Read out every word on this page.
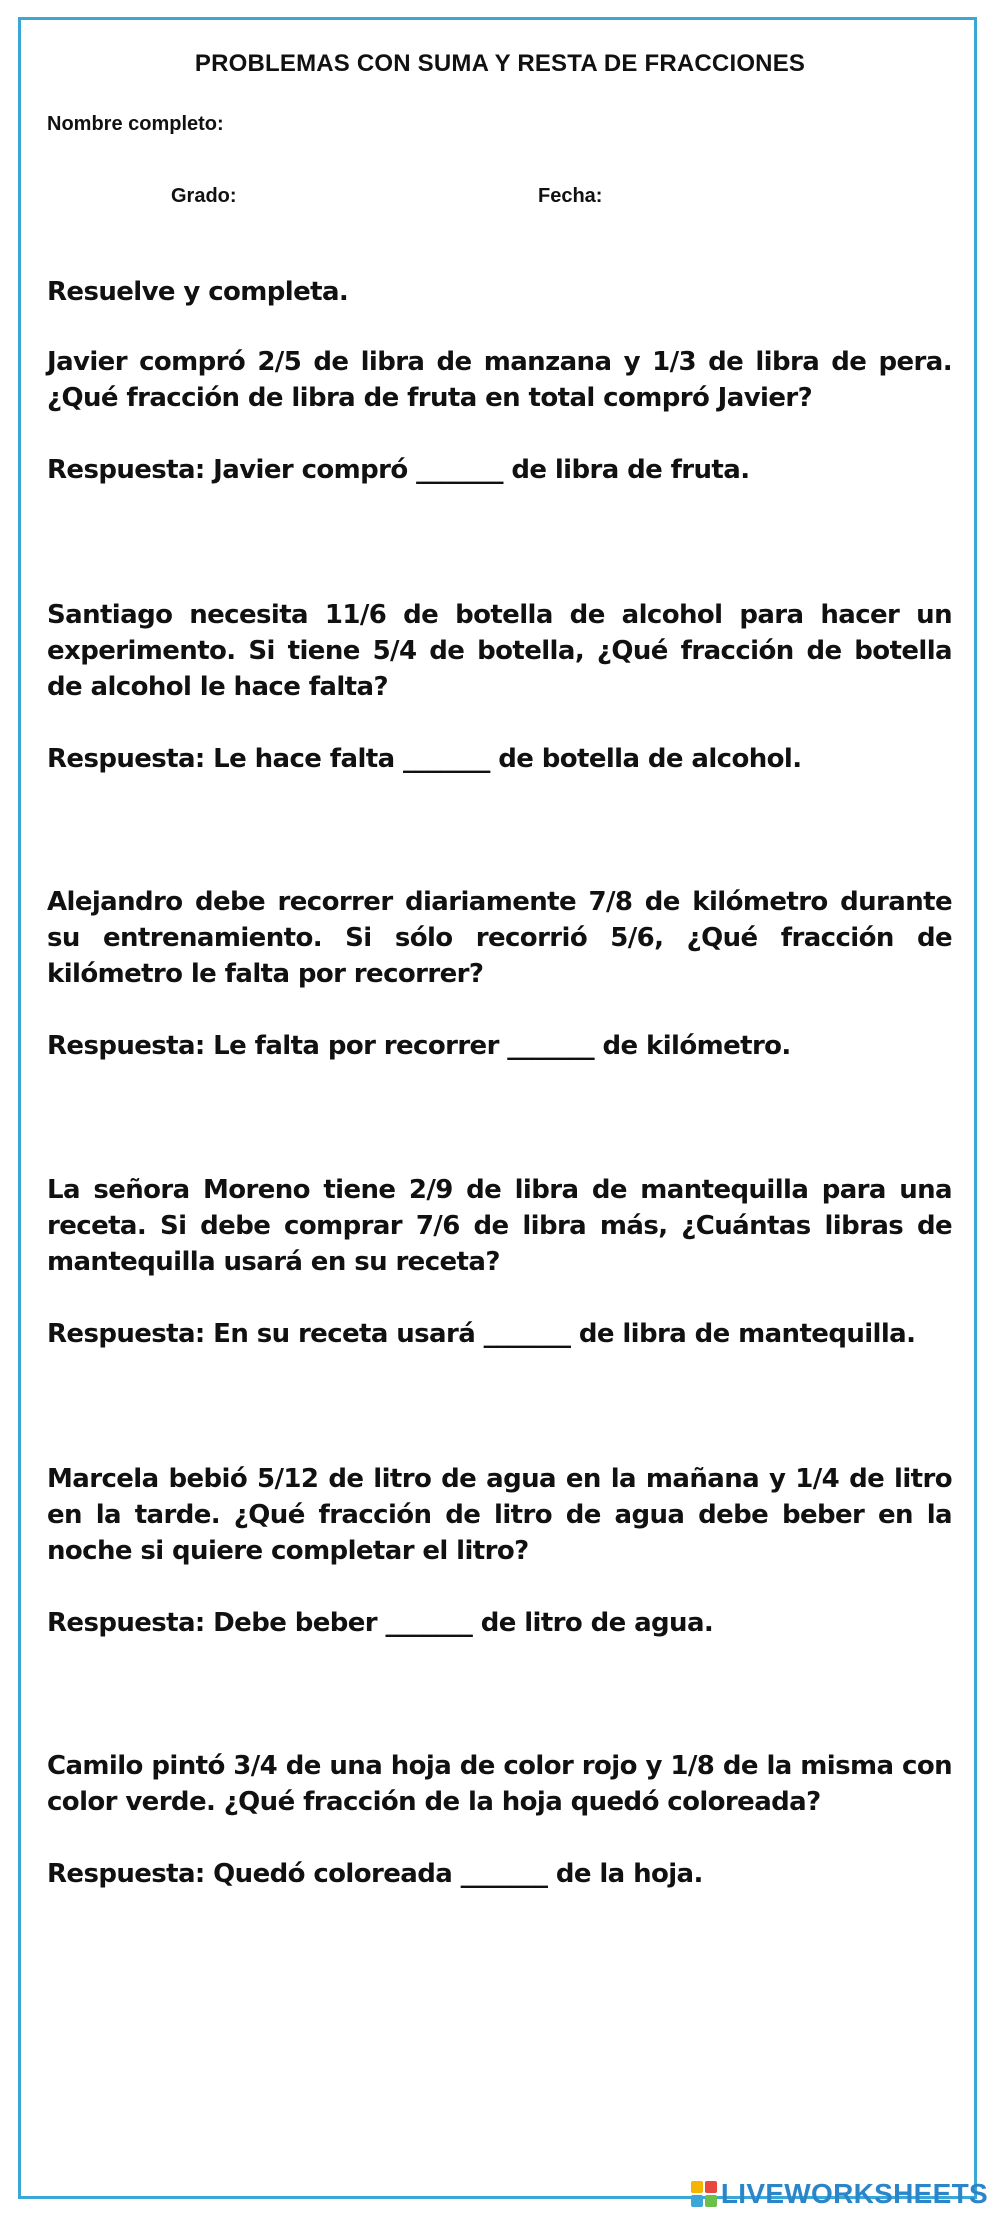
PROBLEMAS CON SUMA Y RESTA DE FRACCIONES
Nombre completo:
Grado:	Fecha:
Resuelve y completa.

Javier compró 2/5 de libra de manzana y 1/3 de libra de pera. ¿Qué fracción de libra de fruta en total compró Javier?

Respuesta: Javier compró _______ de libra de fruta.

Santiago necesita 11/6 de botella de alcohol para hacer un experimento. Si tiene 5/4 de botella, ¿Qué fracción de botella de alcohol le hace falta?

Respuesta: Le hace falta _______ de botella de alcohol.

Alejandro debe recorrer diariamente 7/8 de kilómetro durante su entrenamiento. Si sólo recorrió 5/6, ¿Qué fracción de kilómetro le falta por recorrer?

Respuesta: Le falta por recorrer _______ de kilómetro.

La señora Moreno tiene 2/9 de libra de mantequilla para una receta. Si debe comprar 7/6 de libra más, ¿Cuántas libras de mantequilla usará en su receta?

Respuesta: En su receta usará _______ de libra de mantequilla.

Marcela bebió 5/12 de litro de agua en la mañana y 1/4 de litro en la tarde. ¿Qué fracción de litro de agua debe beber en la noche si quiere completar el litro?

Respuesta: Debe beber _______ de litro de agua.

Camilo pintó 3/4 de una hoja de color rojo y 1/8 de la misma con color verde. ¿Qué fracción de la hoja quedó coloreada?

Respuesta: Quedó coloreada _______ de la hoja.

LIVEWORKSHEETS
